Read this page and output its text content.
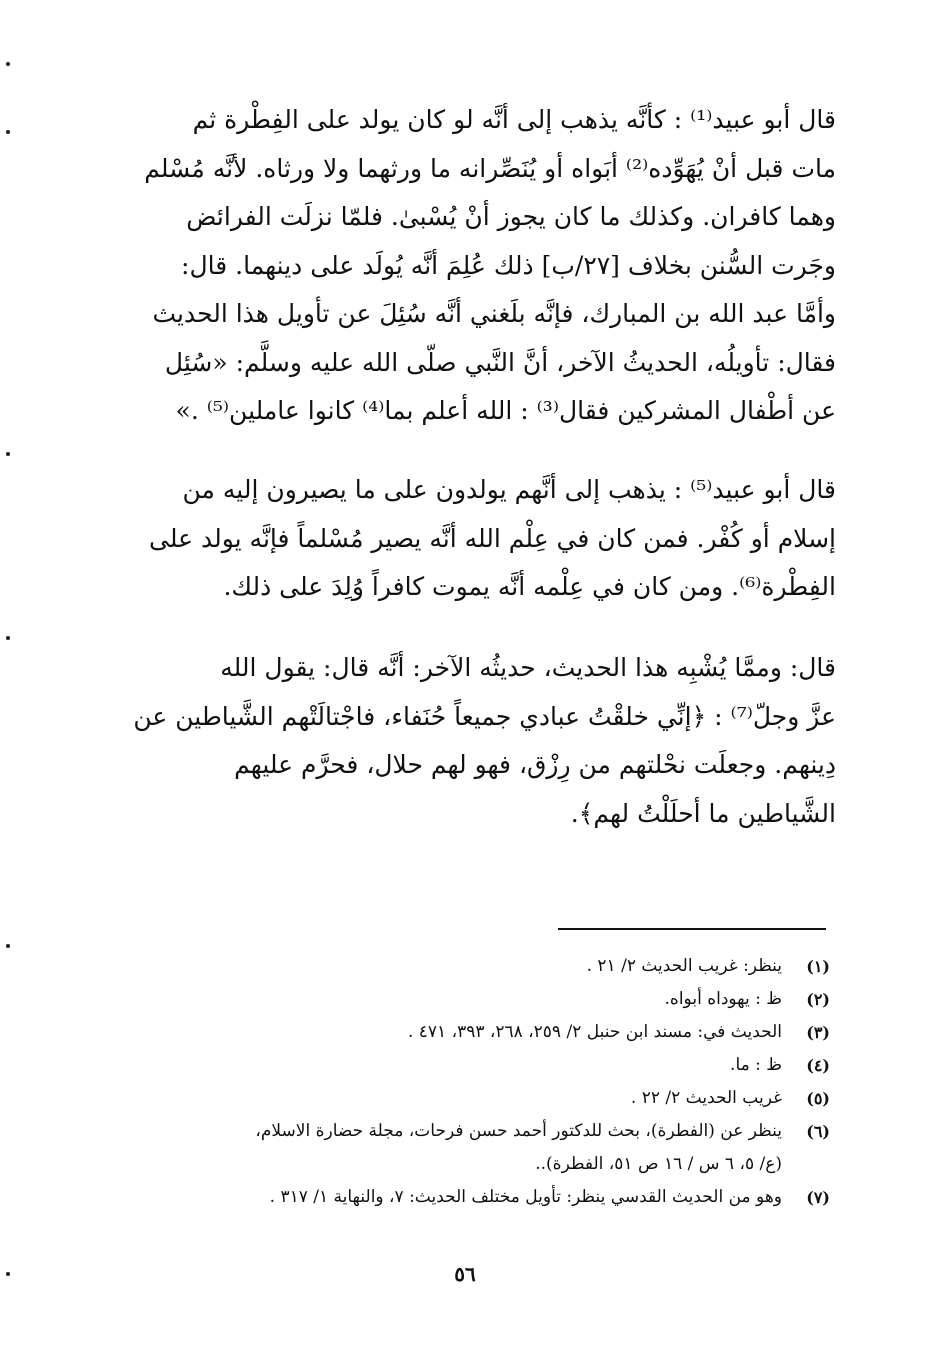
قال أبو عبيد⁽¹⁾ : كأنَّه يذهب إلى أنَّه لو كان يولد على الفِطْرة ثم
مات قبل أنْ يُهَوِّده⁽²⁾ أبَواه أو يُنَصِّرانه ما ورثهما ولا ورثاه. لأنَّه مُسْلم
وهما كافران. وكذلك ما كان يجوز أنْ يُسْبىٰ. فلمّا نزلَت الفرائض
وجَرت السُّنن بخلاف [٢٧/ب] ذلك عُلِمَ أنَّه يُولَد على دينهما. قال:
وأمَّا عبد الله بن المبارك، فإنَّه بلَغني أنَّه سُئِلَ عن تأويل هذا الحديث
فقال: تأويلُه، الحديثُ الآخر، أنَّ النَّبي صلّى الله عليه وسلَّم: «سُئِل
عن أطْفال المشركين فقال⁽³⁾ : الله أعلم بما⁽⁴⁾ كانوا عاملين⁽⁵⁾ .»
قال أبو عبيد⁽⁵⁾ : يذهب إلى أنَّهم يولدون على ما يصيرون إليه من
إسلام أو كُفْر. فمن كان في عِلْم الله أنَّه يصير مُسْلماً فإنَّه يولد على
الفِطْرة⁽⁶⁾. ومن كان في عِلْمه أنَّه يموت كافراً وُلِدَ على ذلك.
قال: وممَّا يُشْبِه هذا الحديث، حديثُه الآخر: أنَّه قال: يقول الله
عزَّ وجلّ⁽⁷⁾ : ﴿إنِّي خلقْتُ عبادي جميعاً حُنَفاء، فاجْتالَتْهم الشَّياطين عن
دِينهم. وجعلَت نحْلتهم من رِزْق، فهو لهم حلال، فحرَّم عليهم
الشَّياطين ما أحلَلْتُ لهم﴾.
(١)
ينظر: غريب الحديث ٢/ ٢١ .
(٢)
ظ : يهوداه أبواه.
(٣)
الحديث في: مسند ابن حنبل ٢/ ٢٥٩، ٢٦٨، ٣٩٣، ٤٧١ .
(٤)
ظ : ما.
(٥)
غريب الحديث ٢/ ٢٢ .
(٦)
ينظر عن (الفطرة)، بحث للدكتور أحمد حسن فرحات، مجلة حضارة الاسلام،
(ع/ ٥، ٦ س / ١٦ ص ٥١، الفطرة)..
(٧)
وهو من الحديث القدسي ينظر: تأويل مختلف الحديث: ٧، والنهاية ١/ ٣١٧ .
٥٦
